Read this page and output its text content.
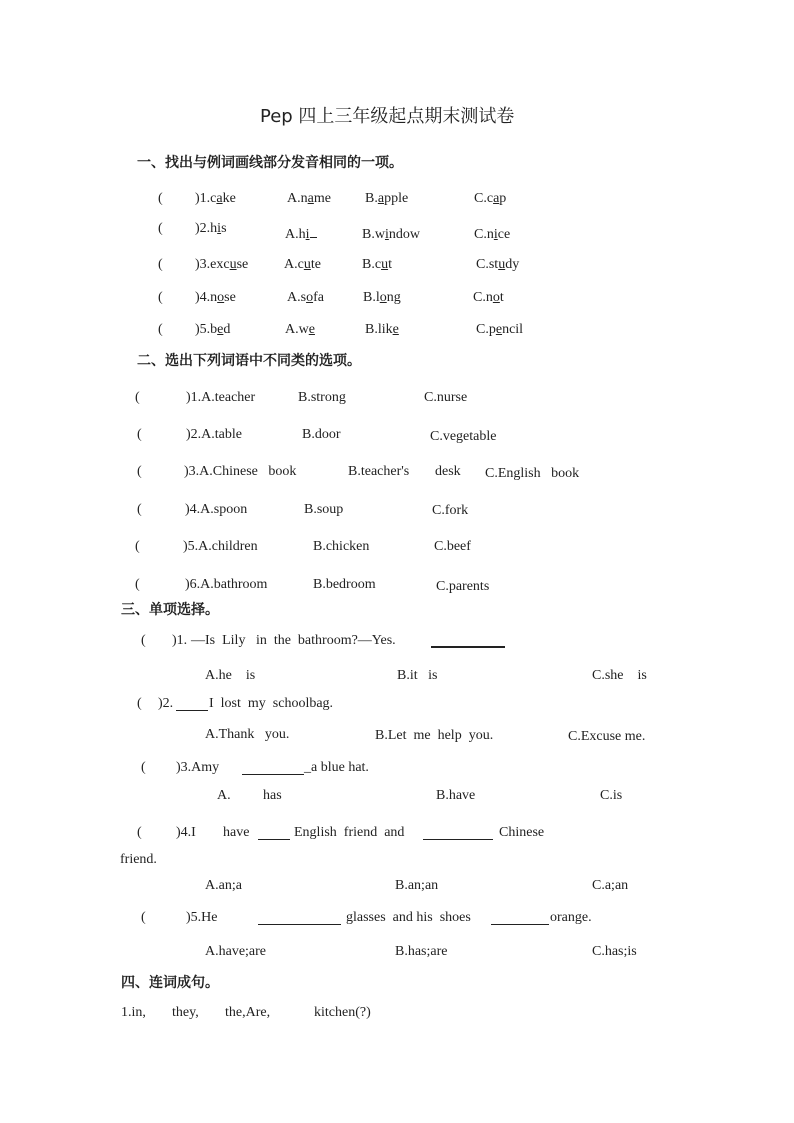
Pep 四上三年级起点期末测试卷
一、找出与例词画线部分发音相同的一项。
( )1.cake	A.name B.apple	C.cap
( )2.his	A.hi	B.window	C.nice
( )3.excuse	A.cute	B.cut	C.study
( )4.nose	A.sofa	B.long	C.not
( )5.bed	A.we	B.like	C.pencil
二、选出下列词语中不同类的选项。
(	)1.A.teacher	B.strong	C.nurse
(	)2.A.table	B.door	C.vegetable
(	)3.A.Chinese   book	B.teacher's desk C.English   book
(	)4.A.spoon	B.soup	C.fork
(	)5.A.children	B.chicken	C.beef
(	)6.A.bathroom	B.bedroom	C.parents
三、单项选择。
( )1. —Is  Lily   in  the  bathroom?—Yes.
A.he    is	B.it   is	C.she    is
( )2.	I  lost  my  schoolbag.
A.Thank   you.	B.Let  me  help  you.	C.Excuse me.
( )3.Amy	_a blue hat.
A. has	B.have	C.is
( )4.I have	English  friend  and	Chinese
friend.
A.an;a	B.an;an	C.a;an
(	)5.He	glasses  and his  shoes	orange.
A.have;are	B.has;are	C.has;is
四、连词成句。
1.in, they, the,Are,	kitchen(?)
